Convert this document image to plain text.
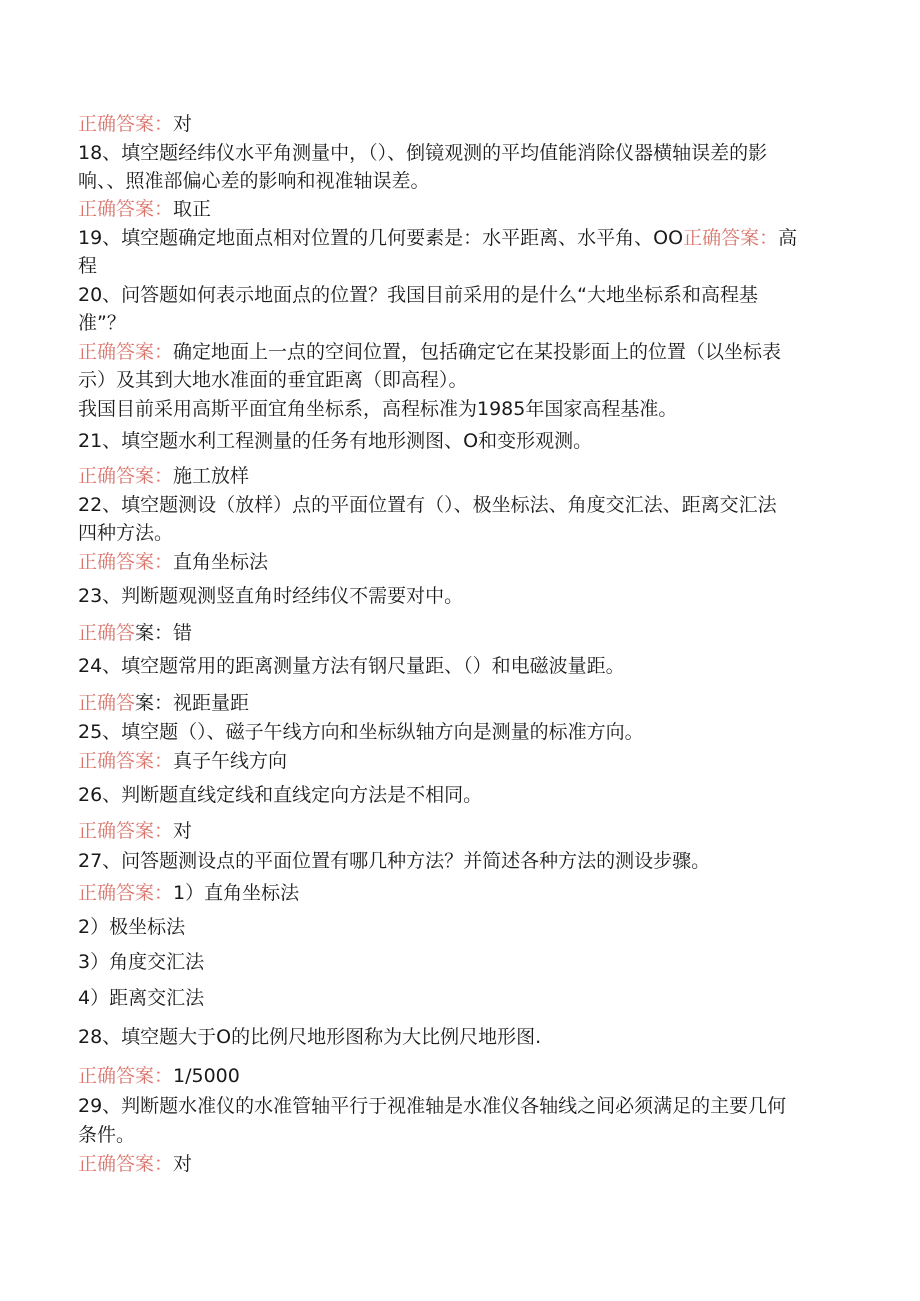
正确答案：对
18、填空题经纬仪水平角测量中，（）、倒镜观测的平均值能消除仪器横轴误差的影
响、、照准部偏心差的影响和视准轴误差。
正确答案：取正
19、填空题确定地面点相对位置的几何要素是：水平距离、水平角、OO正确答案：高
程
20、问答题如何表示地面点的位置？我国目前采用的是什么“大地坐标系和高程基
准”？
正确答案：确定地面上一点的空间位置，包括确定它在某投影面上的位置（以坐标表
示）及其到大地水准面的垂宜距离（即高程）。
我国目前采用高斯平面宜角坐标系，高程标准为1985年国家高程基准。
21、填空题水利工程测量的任务有地形测图、O和变形观测。
正确答案：施工放样
22、填空题测设（放样）点的平面位置有（）、极坐标法、角度交汇法、距离交汇法
四种方法。
正确答案：直角坐标法
23、判断题观测竖直角时经纬仪不需要对中。
正确答案：错
24、填空题常用的距离测量方法有钢尺量距、（）和电磁波量距。
正确答案：视距量距
25、填空题（）、磁子午线方向和坐标纵轴方向是测量的标准方向。
正确答案：真子午线方向
26、判断题直线定线和直线定向方法是不相同。
正确答案：对
27、问答题测设点的平面位置有哪几种方法？并简述各种方法的测设步骤。
正确答案：1）直角坐标法
2）极坐标法
3）角度交汇法
4）距离交汇法
28、填空题大于O的比例尺地形图称为大比例尺地形图.
正确答案：1/5000
29、判断题水准仪的水准管轴平行于视准轴是水准仪各轴线之间必须满足的主要几何
条件。
正确答案：对
